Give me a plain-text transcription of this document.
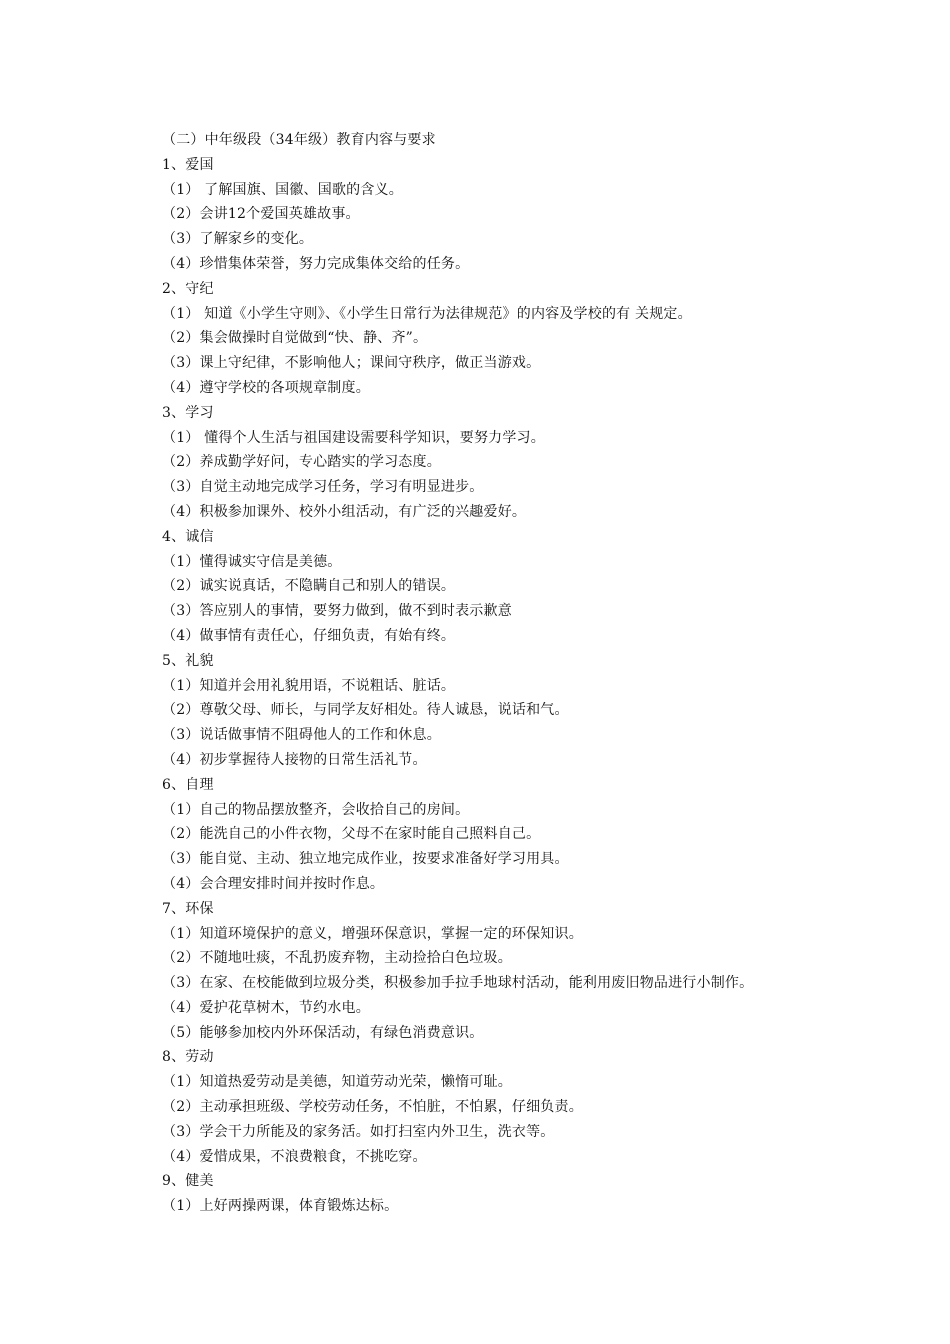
（二）中年级段（34年级）教育内容与要求
1、爱国
（1） 了解国旗、国徽、国歌的含义。
（2）会讲12个爱国英雄故事。
（3）了解家乡的变化。
（4）珍惜集体荣誉，努力完成集体交给的任务。
2、守纪
（1） 知道《小学生守则》、《小学生日常行为法律规范》的内容及学校的有 关规定。
（2）集会做操时自觉做到“快、静、齐”。
（3）课上守纪律，不影响他人；课间守秩序，做正当游戏。
（4）遵守学校的各项规章制度。
3、学习
（1） 懂得个人生活与祖国建设需要科学知识，要努力学习。
（2）养成勤学好问，专心踏实的学习态度。
（3）自觉主动地完成学习任务，学习有明显进步。
（4）积极参加课外、校外小组活动，有广泛的兴趣爱好。
4、诚信
（1）懂得诚实守信是美德。
（2）诚实说真话，不隐瞒自己和别人的错误。
（3）答应别人的事情，要努力做到，做不到时表示歉意
（4）做事情有责任心，仔细负责，有始有终。
5、礼貌
（1）知道并会用礼貌用语，不说粗话、脏话。
（2）尊敬父母、师长，与同学友好相处。待人诚恳，说话和气。
（3）说话做事情不阻碍他人的工作和休息。
（4）初步掌握待人接物的日常生活礼节。
6、自理
（1）自己的物品摆放整齐，会收拾自己的房间。
（2）能洗自己的小件衣物，父母不在家时能自己照料自己。
（3）能自觉、主动、独立地完成作业，按要求准备好学习用具。
（4）会合理安排时间并按时作息。
7、环保
（1）知道环境保护的意义，增强环保意识，掌握一定的环保知识。
（2）不随地吐痰，不乱扔废弃物，主动捡拾白色垃圾。
（3）在家、在校能做到垃圾分类，积极参加手拉手地球村活动，能利用废旧物品进行小制作。
（4）爱护花草树木，节约水电。
（5）能够参加校内外环保活动，有绿色消费意识。
8、劳动
（1）知道热爱劳动是美德，知道劳动光荣，懒惰可耻。
（2）主动承担班级、学校劳动任务，不怕脏，不怕累，仔细负责。
（3）学会干力所能及的家务活。如打扫室内外卫生，洗衣等。
（4）爱惜成果，不浪费粮食，不挑吃穿。
9、健美
（1）上好两操两课，体育锻炼达标。
